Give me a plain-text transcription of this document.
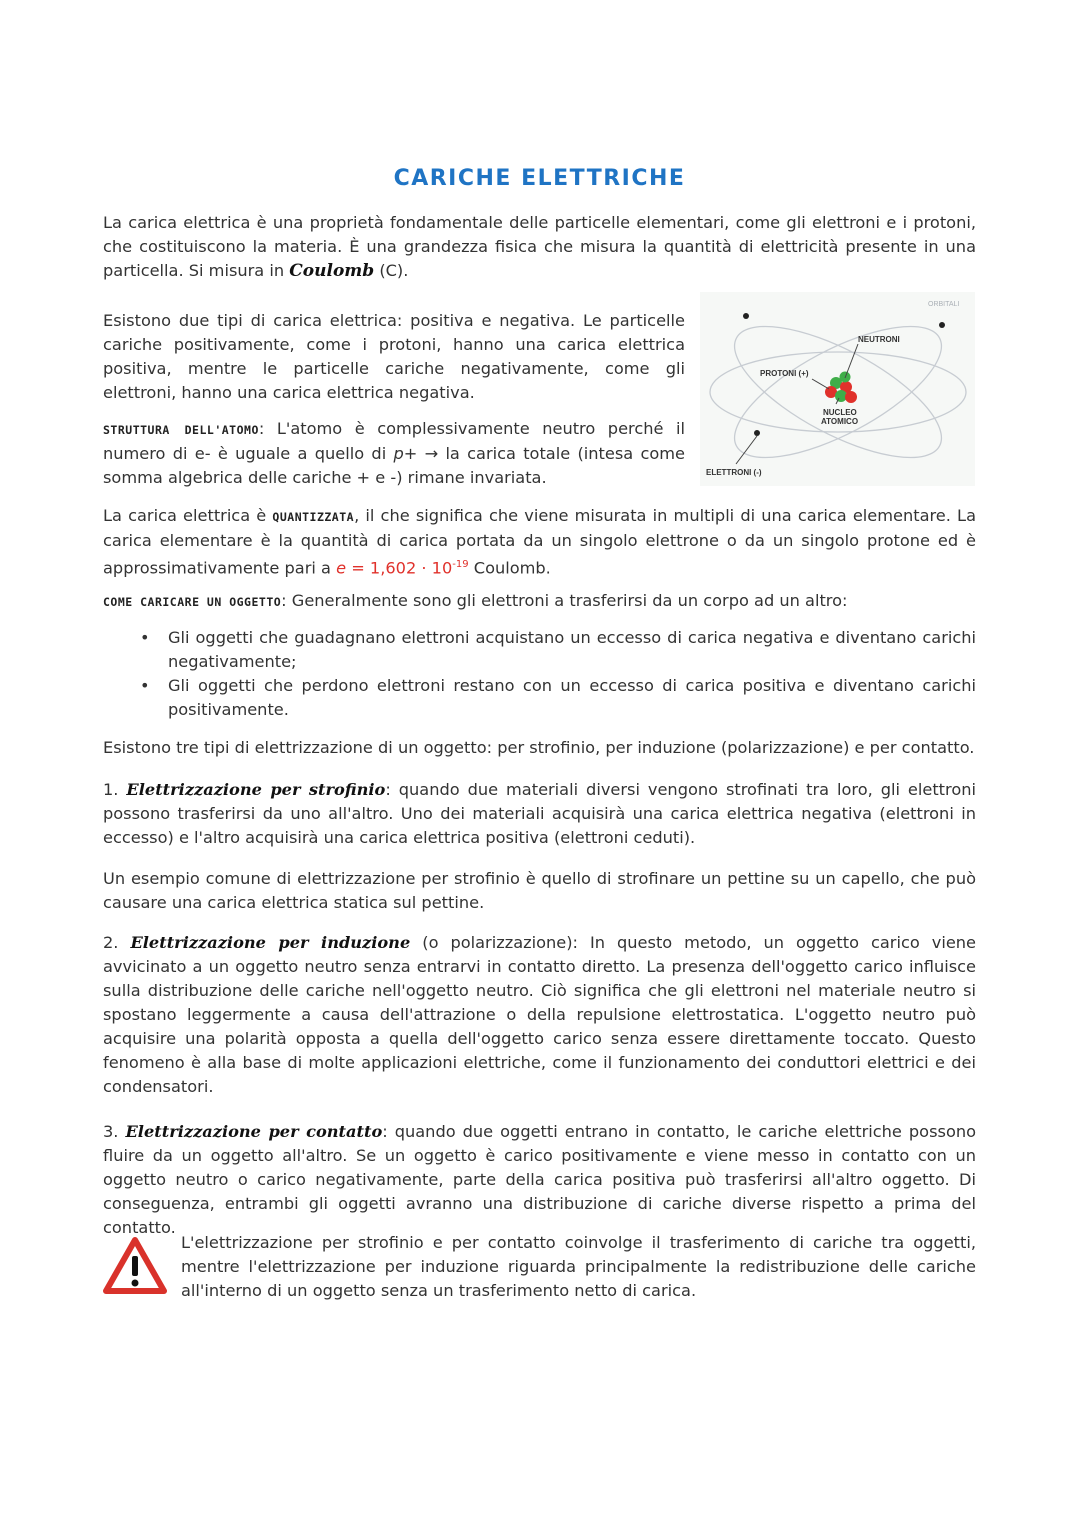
CARICHE ELETTRICHE

La carica elettrica è una proprietà fondamentale delle particelle elementari, come gli elettroni e i protoni, che costituiscono la materia. È una grandezza fisica che misura la quantità di elettricità presente in una particella. Si misura in Coulomb (C).

Esistono due tipi di carica elettrica: positiva e negativa. Le particelle cariche positivamente, come i protoni, hanno una carica elettrica positiva, mentre le particelle cariche negativamente, come gli elettroni, hanno una carica elettrica negativa.

STRUTTURA DELL'ATOMO: L'atomo è complessivamente neutro perché il numero di e- è uguale a quello di p+ → la carica totale (intesa come somma algebrica delle cariche + e -) rimane invariata.

La carica elettrica è QUANTIZZATA, il che significa che viene misurata in multipli di una carica elementare. La carica elementare è la quantità di carica portata da un singolo elettrone o da un singolo protone ed è approssimativamente pari a $e = 1,602 \cdot 10^{-19}$ Coulomb.

COME CARICARE UN OGGETTO: Generalmente sono gli elettroni a trasferirsi da un corpo ad un altro:

• Gli oggetti che guadagnano elettroni acquistano un eccesso di carica negativa e diventano carichi negativamente;
• Gli oggetti che perdono elettroni restano con un eccesso di carica positiva e diventano carichi positivamente.

Esistono tre tipi di elettrizzazione di un oggetto: per strofinio, per induzione (polarizzazione) e per contatto.

1. Elettrizzazione per strofinio: quando due materiali diversi vengono strofinati tra loro, gli elettroni possono trasferirsi da uno all'altro. Uno dei materiali acquisirà una carica elettrica negativa (elettroni in eccesso) e l'altro acquisirà una carica elettrica positiva (elettroni ceduti).

Un esempio comune di elettrizzazione per strofinio è quello di strofinare un pettine su un capello, che può causare una carica elettrica statica sul pettine.

2. Elettrizzazione per induzione (o polarizzazione): In questo metodo, un oggetto carico viene avvicinato a un oggetto neutro senza entrarvi in contatto diretto. La presenza dell'oggetto carico influisce sulla distribuzione delle cariche nell'oggetto neutro. Ciò significa che gli elettroni nel materiale neutro si spostano leggermente a causa dell'attrazione o della repulsione elettrostatica. L'oggetto neutro può acquisire una polarità opposta a quella dell'oggetto carico senza essere direttamente toccato. Questo fenomeno è alla base di molte applicazioni elettriche, come il funzionamento dei conduttori elettrici e dei condensatori.

3. Elettrizzazione per contatto: quando due oggetti entrano in contatto, le cariche elettriche possono fluire da un oggetto all'altro. Se un oggetto è carico positivamente e viene messo in contatto con un oggetto neutro o carico negativamente, parte della carica positiva può trasferirsi all'altro oggetto. Di conseguenza, entrambi gli oggetti avranno una distribuzione di cariche diverse rispetto a prima del contatto.

L'elettrizzazione per strofinio e per contatto coinvolge il trasferimento di cariche tra oggetti, mentre l'elettrizzazione per induzione riguarda principalmente la redistribuzione delle cariche all'interno di un oggetto senza un trasferimento netto di carica.

NEUTRONI
PROTONI (+)
NUCLEO
ATOMICO
ELETTRONI (-)
ORBITALI
